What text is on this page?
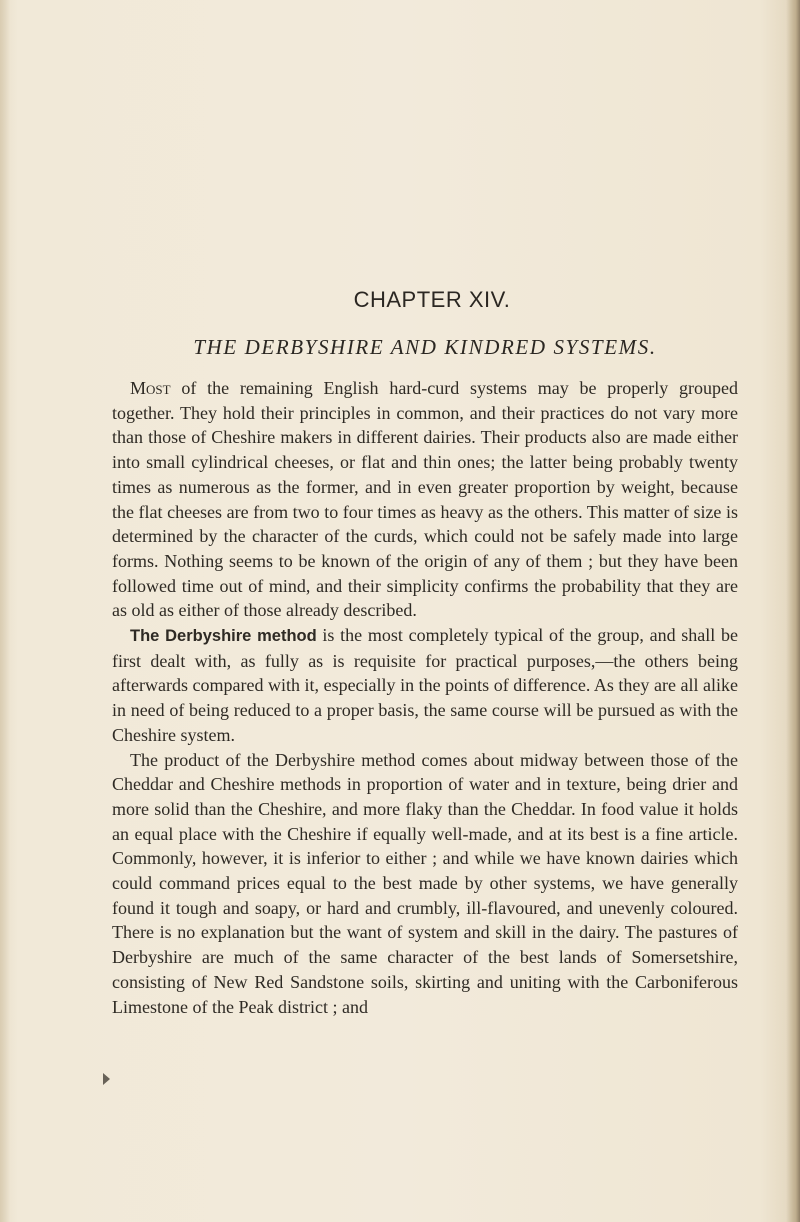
CHAPTER XIV.
THE DERBYSHIRE AND KINDRED SYSTEMS.

Most of the remaining English hard-curd systems may be properly grouped together. They hold their principles in common, and their practices do not vary more than those of Cheshire makers in different dairies. Their products also are made either into small cylindrical cheeses, or flat and thin ones; the latter being probably twenty times as numerous as the former, and in even greater proportion by weight, because the flat cheeses are from two to four times as heavy as the others. This matter of size is determined by the character of the curds, which could not be safely made into large forms. Nothing seems to be known of the origin of any of them ; but they have been followed time out of mind, and their simplicity confirms the probability that they are as old as either of those already described.

The Derbyshire method is the most completely typical of the group, and shall be first dealt with, as fully as is requisite for practical purposes,—the others being afterwards compared with it, especially in the points of difference. As they are all alike in need of being reduced to a proper basis, the same course will be pursued as with the Cheshire system.

The product of the Derbyshire method comes about midway between those of the Cheddar and Cheshire methods in proportion of water and in texture, being drier and more solid than the Cheshire, and more flaky than the Cheddar. In food value it holds an equal place with the Cheshire if equally well-made, and at its best is a fine article. Commonly, however, it is inferior to either ; and while we have known dairies which could command prices equal to the best made by other systems, we have generally found it tough and soapy, or hard and crumbly, ill-flavoured, and unevenly coloured. There is no explanation but the want of system and skill in the dairy. The pastures of Derbyshire are much of the same character of the best lands of Somersetshire, consisting of New Red Sandstone soils, skirting and uniting with the Carboniferous Limestone of the Peak district ; and
